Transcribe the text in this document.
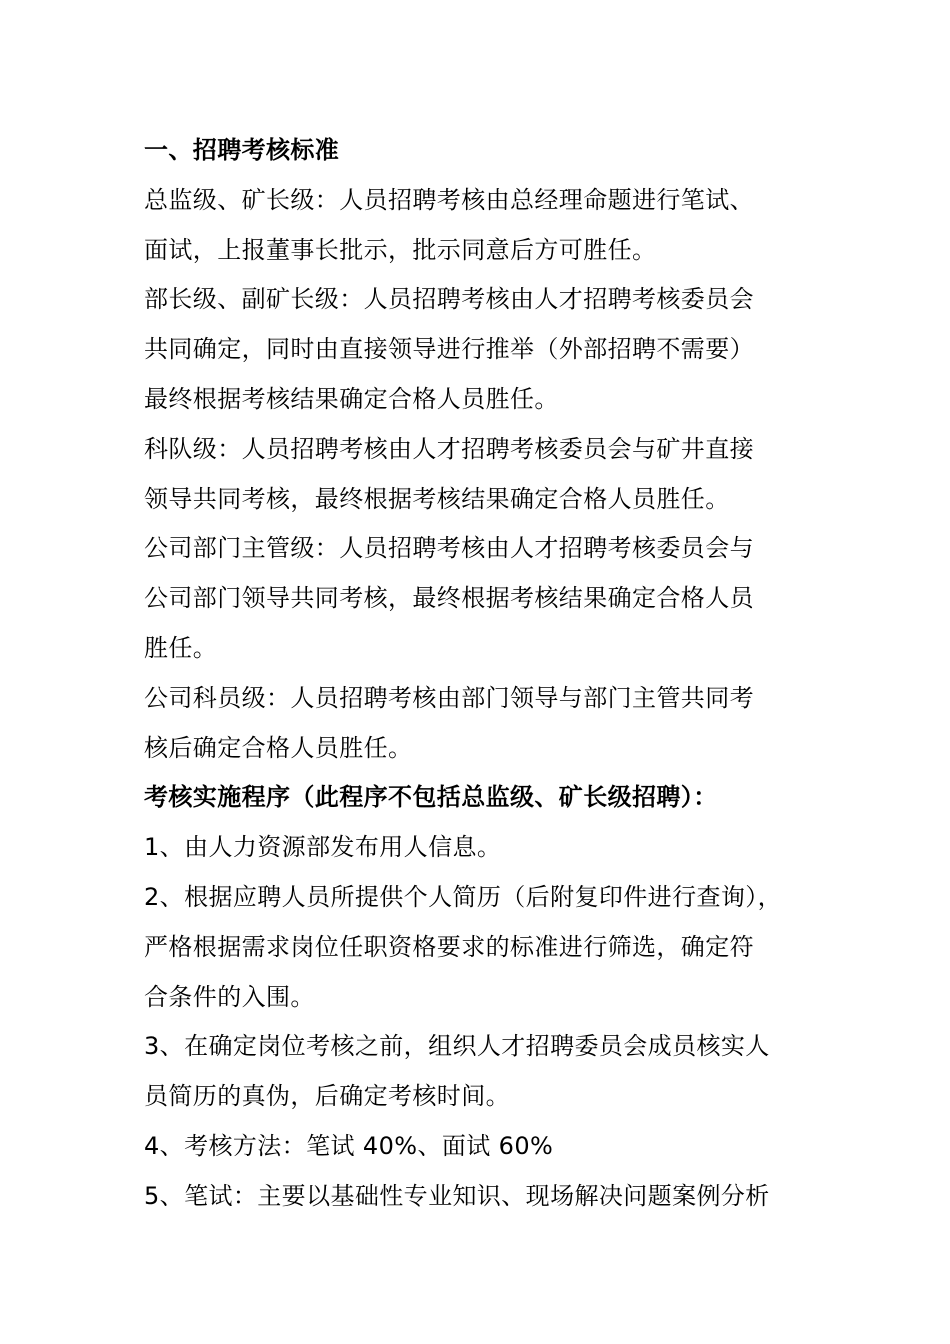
一、招聘考核标准
总监级、矿长级：人员招聘考核由总经理命题进行笔试、
面试，上报董事长批示，批示同意后方可胜任。
部长级、副矿长级：人员招聘考核由人才招聘考核委员会
共同确定，同时由直接领导进行推举（外部招聘不需要）
最终根据考核结果确定合格人员胜任。
科队级：人员招聘考核由人才招聘考核委员会与矿井直接
领导共同考核，最终根据考核结果确定合格人员胜任。
公司部门主管级：人员招聘考核由人才招聘考核委员会与
公司部门领导共同考核，最终根据考核结果确定合格人员
胜任。
公司科员级：人员招聘考核由部门领导与部门主管共同考
核后确定合格人员胜任。
考核实施程序（此程序不包括总监级、矿长级招聘）：
1、由人力资源部发布用人信息。
2、根据应聘人员所提供个人简历（后附复印件进行查询），
严格根据需求岗位任职资格要求的标准进行筛选，确定符
合条件的入围。
3、在确定岗位考核之前，组织人才招聘委员会成员核实人
员简历的真伪，后确定考核时间。
4、考核方法：笔试 40%、面试 60%
5、笔试：主要以基础性专业知识、现场解决问题案例分析
